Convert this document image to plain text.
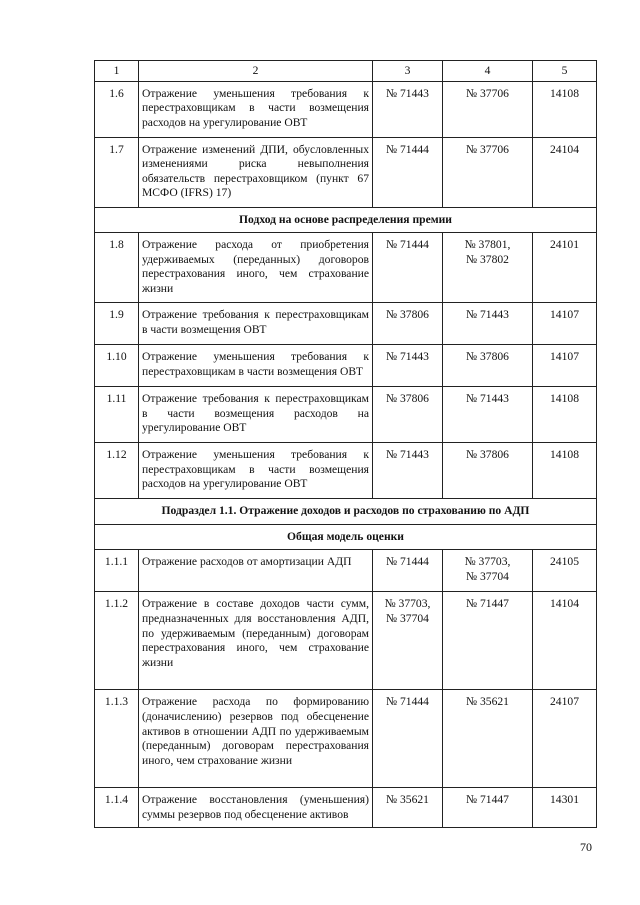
1	2	3	4	5
1.6	Отражение уменьшения требования к перестраховщикам в части возмещения расходов на урегулирование ОВТ	№ 71443	№ 37706	14108
1.7	Отражение изменений ДПИ, обусловленных изменениями риска невыполнения обязательств перестраховщиком (пункт 67 МСФО (IFRS) 17)	№ 71444	№ 37706	24104
Подход на основе распределения премии				
1.8	Отражение расхода от приобретения удерживаемых (переданных) договоров перестрахования иного, чем страхование жизни	№ 71444	№ 37801,
№ 37802	24101
1.9	Отражение требования к перестраховщикам в части возмещения ОВТ	№ 37806	№ 71443	14107
1.10	Отражение уменьшения требования к перестраховщикам в части возмещения ОВТ	№ 71443	№ 37806	14107
1.11	Отражение требования к перестраховщикам в части возмещения расходов на урегулирование ОВТ	№ 37806	№ 71443	14108
1.12	Отражение уменьшения требования к перестраховщикам в части возмещения расходов на урегулирование ОВТ	№ 71443	№ 37806	14108
Подраздел 1.1. Отражение доходов и расходов по страхованию по АДП				
Общая модель оценки				
1.1.1	Отражение расходов от амортизации АДП	№ 71444	№ 37703,
№ 37704	24105
1.1.2	Отражение в составе доходов части сумм, предназначенных для восстановления АДП, по удерживаемым (переданным) договорам перестрахования иного, чем страхование жизни	№ 37703,
№ 37704	№ 71447	14104
1.1.3	Отражение расхода по формированию (доначислению) резервов под обесценение активов в отношении АДП по удерживаемым (переданным) договорам перестрахования иного, чем страхование жизни	№ 71444	№ 35621	24107
1.1.4	Отражение восстановления (уменьшения) суммы резервов под обесценение активов	№ 35621	№ 71447	14301
70
